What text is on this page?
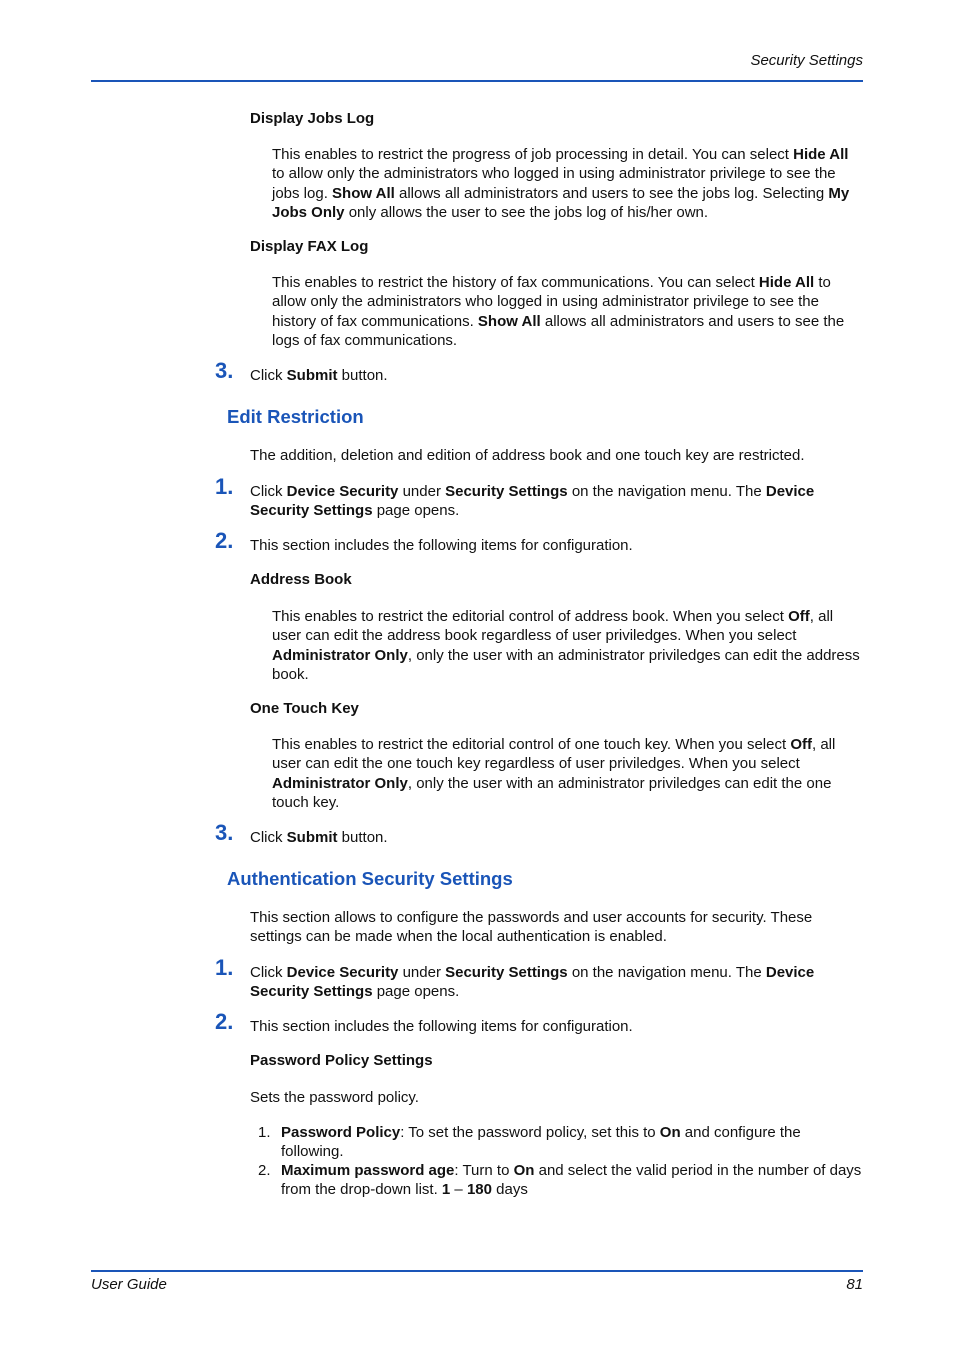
Security Settings
Display Jobs Log
This enables to restrict the progress of job processing in detail. You can select Hide All to allow only the administrators who logged in using administrator privilege to see the jobs log. Show All allows all administrators and users to see the jobs log. Selecting My Jobs Only only allows the user to see the jobs log of his/her own.
Display FAX Log
This enables to restrict the history of fax communications. You can select Hide All to allow only the administrators who logged in using administrator privilege to see the history of fax communications. Show All allows all administrators and users to see the logs of fax communications.
3. Click Submit button.
Edit Restriction
The addition, deletion and edition of address book and one touch key are restricted.
1. Click Device Security under Security Settings on the navigation menu. The Device Security Settings page opens.
2. This section includes the following items for configuration.
Address Book
This enables to restrict the editorial control of address book. When you select Off, all user can edit the address book regardless of user priviledges. When you select Administrator Only, only the user with an administrator priviledges can edit the address book.
One Touch Key
This enables to restrict the editorial control of one touch key. When you select Off, all user can edit the one touch key regardless of user priviledges. When you select Administrator Only, only the user with an administrator priviledges can edit the one touch key.
3. Click Submit button.
Authentication Security Settings
This section allows to configure the passwords and user accounts for security. These settings can be made when the local authentication is enabled.
1. Click Device Security under Security Settings on the navigation menu. The Device Security Settings page opens.
2. This section includes the following items for configuration.
Password Policy Settings
Sets the password policy.
1. Password Policy: To set the password policy, set this to On and configure the following.
2. Maximum password age: Turn to On and select the valid period in the number of days from the drop-down list. 1 – 180 days
User Guide	81
